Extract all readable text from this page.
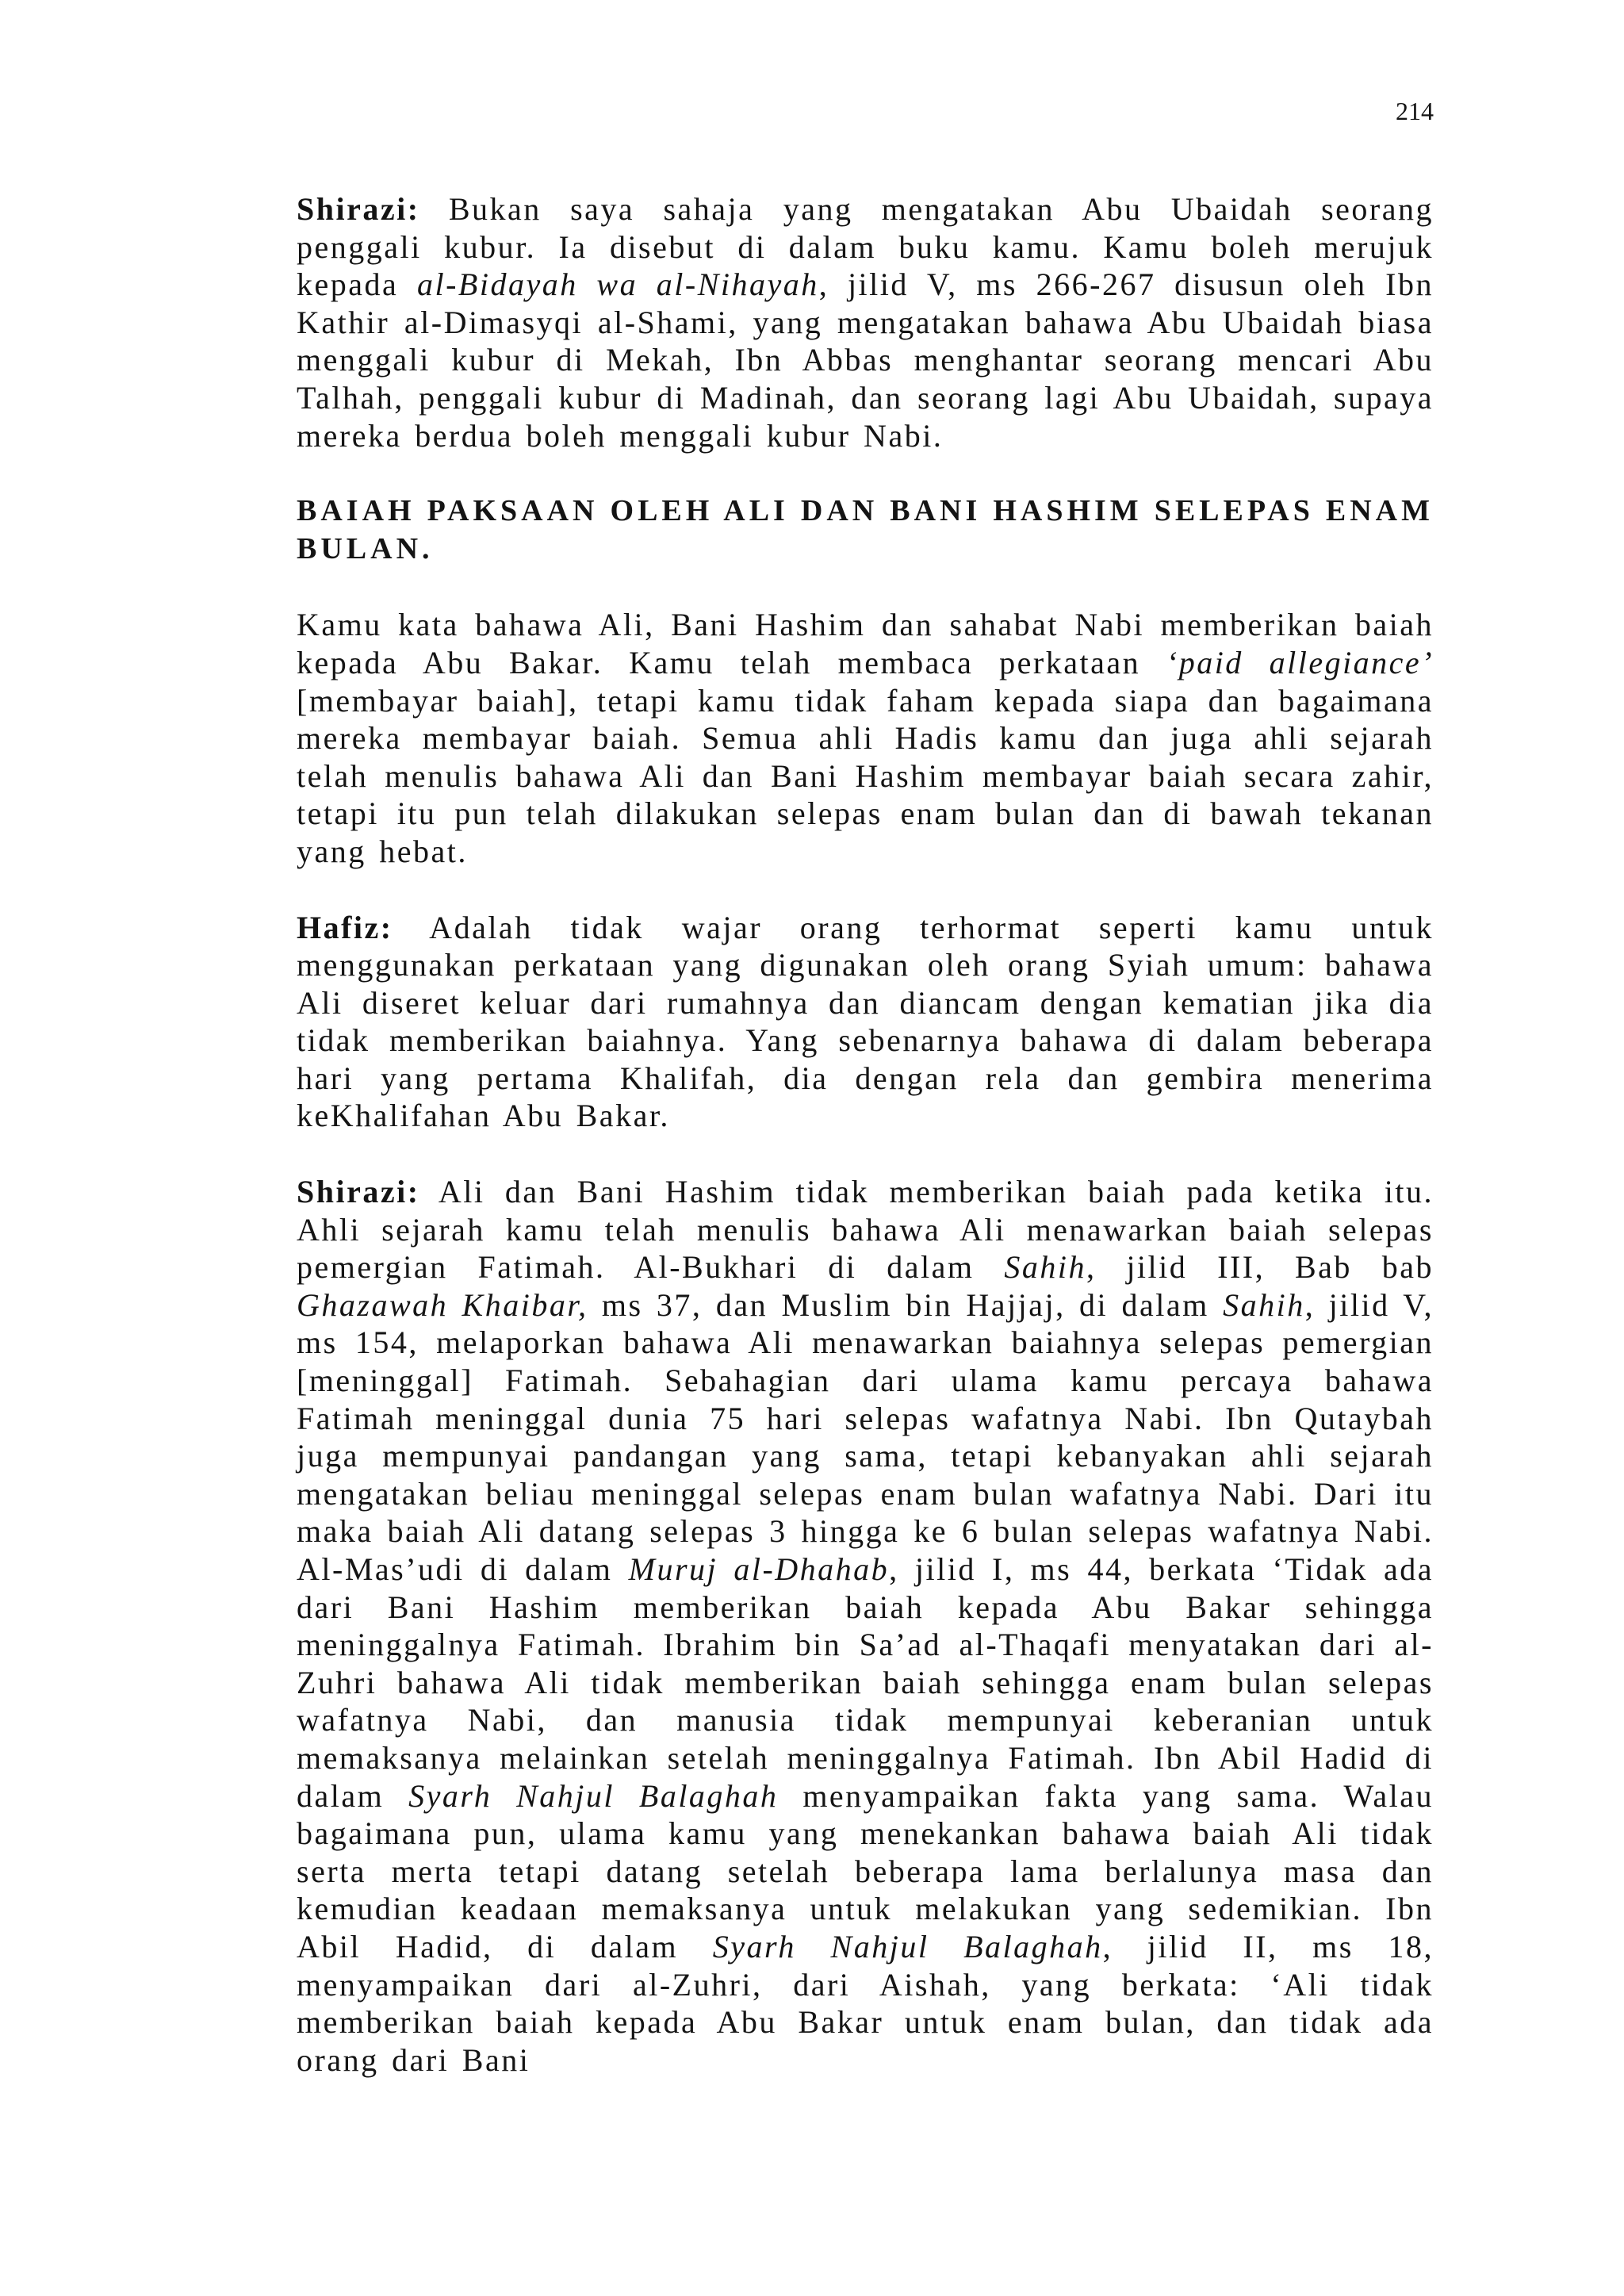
214

Shirazi: Bukan saya sahaja yang mengatakan Abu Ubaidah seorang penggali kubur. Ia disebut di dalam buku kamu. Kamu boleh merujuk kepada al-Bidayah wa al-Nihayah, jilid V, ms 266-267 disusun oleh Ibn Kathir al-Dimasyqi al-Shami, yang mengatakan bahawa Abu Ubaidah biasa menggali kubur di Mekah, Ibn Abbas menghantar seorang mencari Abu Talhah, penggali kubur di Madinah, dan seorang lagi Abu Ubaidah, supaya mereka berdua boleh menggali kubur Nabi.

BAIAH PAKSAAN OLEH ALI DAN BANI HASHIM SELEPAS ENAM BULAN.

Kamu kata bahawa Ali, Bani Hashim dan sahabat Nabi memberikan baiah kepada Abu Bakar. Kamu telah membaca perkataan ‘paid allegiance’ [membayar baiah], tetapi kamu tidak faham kepada siapa dan bagaimana mereka membayar baiah. Semua ahli Hadis kamu dan juga ahli sejarah telah menulis bahawa Ali dan Bani Hashim membayar baiah secara zahir, tetapi itu pun telah dilakukan selepas enam bulan dan di bawah tekanan yang hebat.

Hafiz: Adalah tidak wajar orang terhormat seperti kamu untuk menggunakan perkataan yang digunakan oleh orang Syiah umum: bahawa Ali diseret keluar dari rumahnya dan diancam dengan kematian jika dia tidak memberikan baiahnya. Yang sebenarnya bahawa di dalam beberapa hari yang pertama Khalifah, dia dengan rela dan gembira menerima keKhalifahan Abu Bakar.

Shirazi: Ali dan Bani Hashim tidak memberikan baiah pada ketika itu. Ahli sejarah kamu telah menulis bahawa Ali menawarkan baiah selepas pemergian Fatimah. Al-Bukhari di dalam Sahih, jilid III, Bab bab Ghazawah Khaibar, ms 37, dan Muslim bin Hajjaj, di dalam Sahih, jilid V, ms 154, melaporkan bahawa Ali menawarkan baiahnya selepas pemergian [meninggal] Fatimah. Sebahagian dari ulama kamu percaya bahawa Fatimah meninggal dunia 75 hari selepas wafatnya Nabi. Ibn Qutaybah juga mempunyai pandangan yang sama, tetapi kebanyakan ahli sejarah mengatakan beliau meninggal selepas enam bulan wafatnya Nabi. Dari itu maka baiah Ali datang selepas 3 hingga ke 6 bulan selepas wafatnya Nabi. Al-Mas’udi di dalam Muruj al-Dhahab, jilid I, ms 44, berkata ‘Tidak ada dari Bani Hashim memberikan baiah kepada Abu Bakar sehingga meninggalnya Fatimah. Ibrahim bin Sa’ad al-Thaqafi menyatakan dari al-Zuhri bahawa Ali tidak memberikan baiah sehingga enam bulan selepas wafatnya Nabi, dan manusia tidak mempunyai keberanian untuk memaksanya melainkan setelah meninggalnya Fatimah. Ibn Abil Hadid di dalam Syarh Nahjul Balaghah menyampaikan fakta yang sama. Walau bagaimana pun, ulama kamu yang menekankan bahawa baiah Ali tidak serta merta tetapi datang setelah beberapa lama berlalunya masa dan kemudian keadaan memaksanya untuk melakukan yang sedemikian. Ibn Abil Hadid, di dalam Syarh Nahjul Balaghah, jilid II, ms 18, menyampaikan dari al-Zuhri, dari Aishah, yang berkata: ‘Ali tidak memberikan baiah kepada Abu Bakar untuk enam bulan, dan tidak ada orang dari Bani
